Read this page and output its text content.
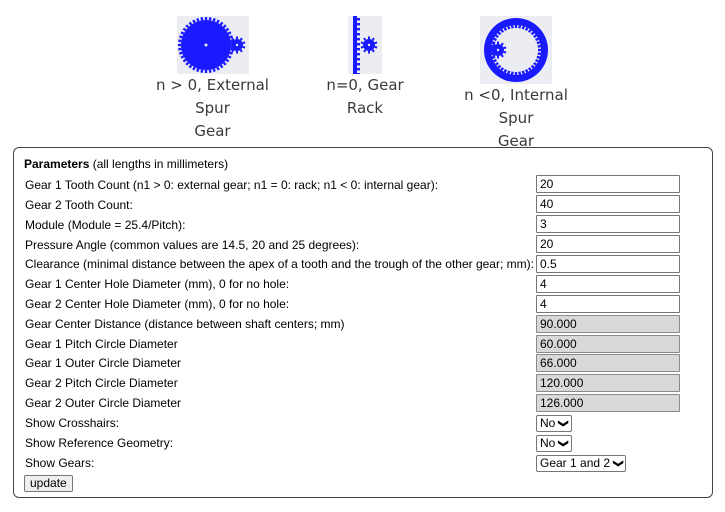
n > 0, External Spur
Gear
n=0, Gear Rack
n <0, Internal Spur
Gear
Parameters (all lengths in millimeters)
Gear 1 Tooth Count (n1 > 0: external gear; n1 = 0: rack; n1 < 0: internal gear):	20
Gear 2 Tooth Count:	40
Module (Module = 25.4/Pitch):	3
Pressure Angle (common values are 14.5, 20 and 25 degrees):	20
Clearance (minimal distance between the apex of a tooth and the trough of the other gear; mm): 0.5
Gear 1 Center Hole Diameter (mm), 0 for no hole:	4
Gear 2 Center Hole Diameter (mm), 0 for no hole:	4
Gear Center Distance (distance between shaft centers; mm)	90.000
Gear 1 Pitch Circle Diameter	60.000
Gear 1 Outer Circle Diameter	66.000
Gear 2 Pitch Circle Diameter	120.000
Gear 2 Outer Circle Diameter	126.000
Show Crosshairs:	No ❯
Show Reference Geometry:	No ❯
Show Gears:	Gear 1 and 2 ❯
update
